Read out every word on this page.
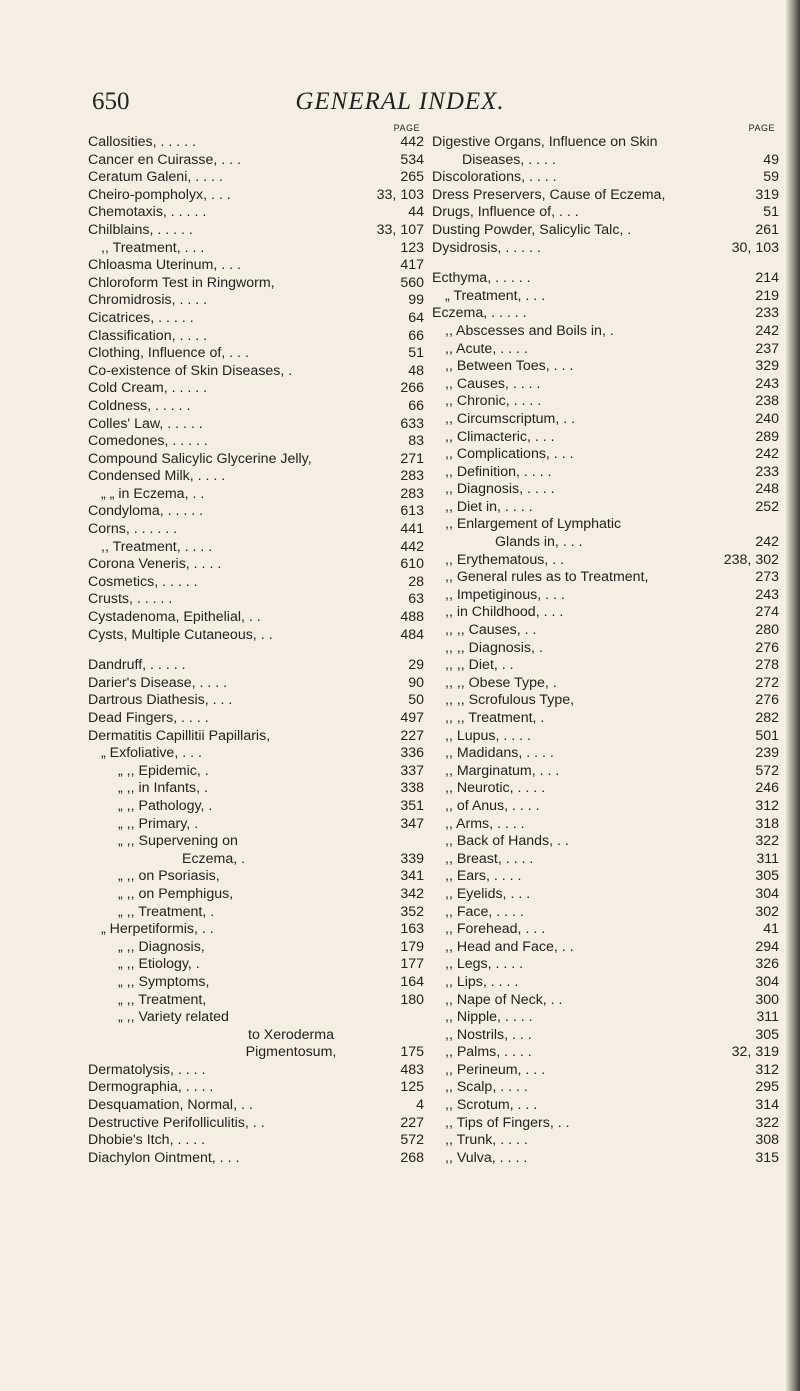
650	GENERAL INDEX.
PAGE
Callosities, . . . . .	442
Cancer en Cuirasse, . . .	534
Ceratum Galeni, . . . .	265
Cheiro-pompholyx, . . .	33, 103
Chemotaxis, . . . . .	44
Chilblains, . . . . .	33, 107
,, Treatment, . . .	123
Chloasma Uterinum, . . .	417
Chloroform Test in Ringworm,	560
Chromidrosis, . . . .	99
Cicatrices, . . . . .	64
Classification, . . . .	66
Clothing, Influence of, . . .	51
Co-existence of Skin Diseases, .	48
Cold Cream, . . . . .	266
Coldness, . . . . .	66
Colles' Law, . . . . .	633
Comedones, . . . . .	83
Compound Salicylic Glycerine Jelly,	271
Condensed Milk, . . . .	283
„ „ in Eczema, . .	283
Condyloma, . . . . .	613
Corns, . . . . . .	441
,, Treatment, . . . .	442
Corona Veneris, . . . .	610
Cosmetics, . . . . .	28
Crusts, . . . . .	63
Cystadenoma, Epithelial, . .	488
Cysts, Multiple Cutaneous, . .	484
Dandruff, . . . . .	29
Darier's Disease, . . . .	90
Dartrous Diathesis, . . .	50
Dead Fingers, . . . .	497
Dermatitis Capillitii Papillaris,	227
„ Exfoliative, . . .	336
„ ,, Epidemic, .	337
„ ,, in Infants, .	338
„ ,, Pathology, .	351
„ ,, Primary, .	347
„ ,, Supervening on
Eczema, .	339
„ ,, on Psoriasis,	341
„ ,, on Pemphigus,	342
„ ,, Treatment, .	352
„ Herpetiformis, . .	163
„ ,, Diagnosis,	179
„ ,, Etiology, .	177
„ ,, Symptoms,	164
„ ,, Treatment,	180
„ ,, Variety related
to Xeroderma
Pigmentosum,	175
Dermatolysis, . . . .	483
Dermographia, . . . .	125
Desquamation, Normal, . .	4
Destructive Perifolliculitis, . .	227
Dhobie's Itch, . . . .	572
Diachylon Ointment, . . .	268
PAGE
Digestive Organs, Influence on Skin
Diseases, . . . .	49
Discolorations, . . . .	59
Dress Preservers, Cause of Eczema,	319
Drugs, Influence of, . . .	51
Dusting Powder, Salicylic Talc, .	261
Dysidrosis, . . . . .	30, 103
Ecthyma, . . . . .	214
„ Treatment, . . .	219
Eczema, . . . . .	233
,, Abscesses and Boils in, .	242
,, Acute, . . . .	237
,, Between Toes, . . .	329
,, Causes, . . . .	243
,, Chronic, . . . .	238
,, Circumscriptum, . .	240
,, Climacteric, . . .	289
,, Complications, . . .	242
,, Definition, . . . .	233
,, Diagnosis, . . . .	248
,, Diet in, . . . .	252
,, Enlargement of Lymphatic
Glands in, . . .	242
,, Erythematous, . .	238, 302
,, General rules as to Treatment,	273
,, Impetiginous, . . .	243
,, in Childhood, . . .	274
,, ,, Causes, . .	280
,, ,, Diagnosis, .	276
,, ,, Diet, . .	278
,, ,, Obese Type, .	272
,, ,, Scrofulous Type,	276
,, ,, Treatment, .	282
,, Lupus, . . . .	501
,, Madidans, . . . .	239
,, Marginatum, . . .	572
,, Neurotic, . . . .	246
,, of Anus, . . . .	312
,, Arms, . . . .	318
,, Back of Hands, . .	322
,, Breast, . . . .	311
,, Ears, . . . .	305
,, Eyelids, . . .	304
,, Face, . . . .	302
,, Forehead, . . .	41
,, Head and Face, . .	294
,, Legs, . . . .	326
,, Lips, . . . .	304
,, Nape of Neck, . .	300
,, Nipple, . . . .	311
,, Nostrils, . . .	305
,, Palms, . . . .	32, 319
,, Perineum, . . .	312
,, Scalp, . . . .	295
,, Scrotum, . . .	314
,, Tips of Fingers, . .	322
,, Trunk, . . . .	308
,, Vulva, . . . .	315
